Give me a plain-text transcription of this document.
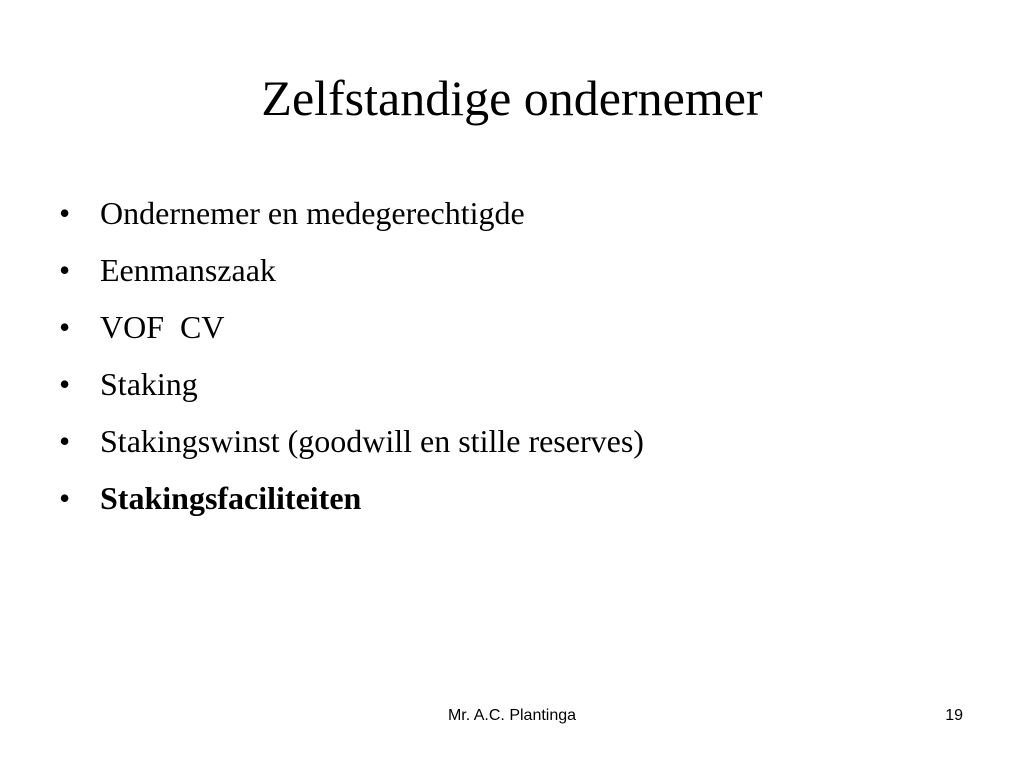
Zelfstandige ondernemer
• Ondernemer en medegerechtigde
• Eenmanszaak
• VOF  CV
• Staking
• Stakingswinst (goodwill en stille reserves)
• Stakingsfaciliteiten
Mr. A.C. Plantinga	19
